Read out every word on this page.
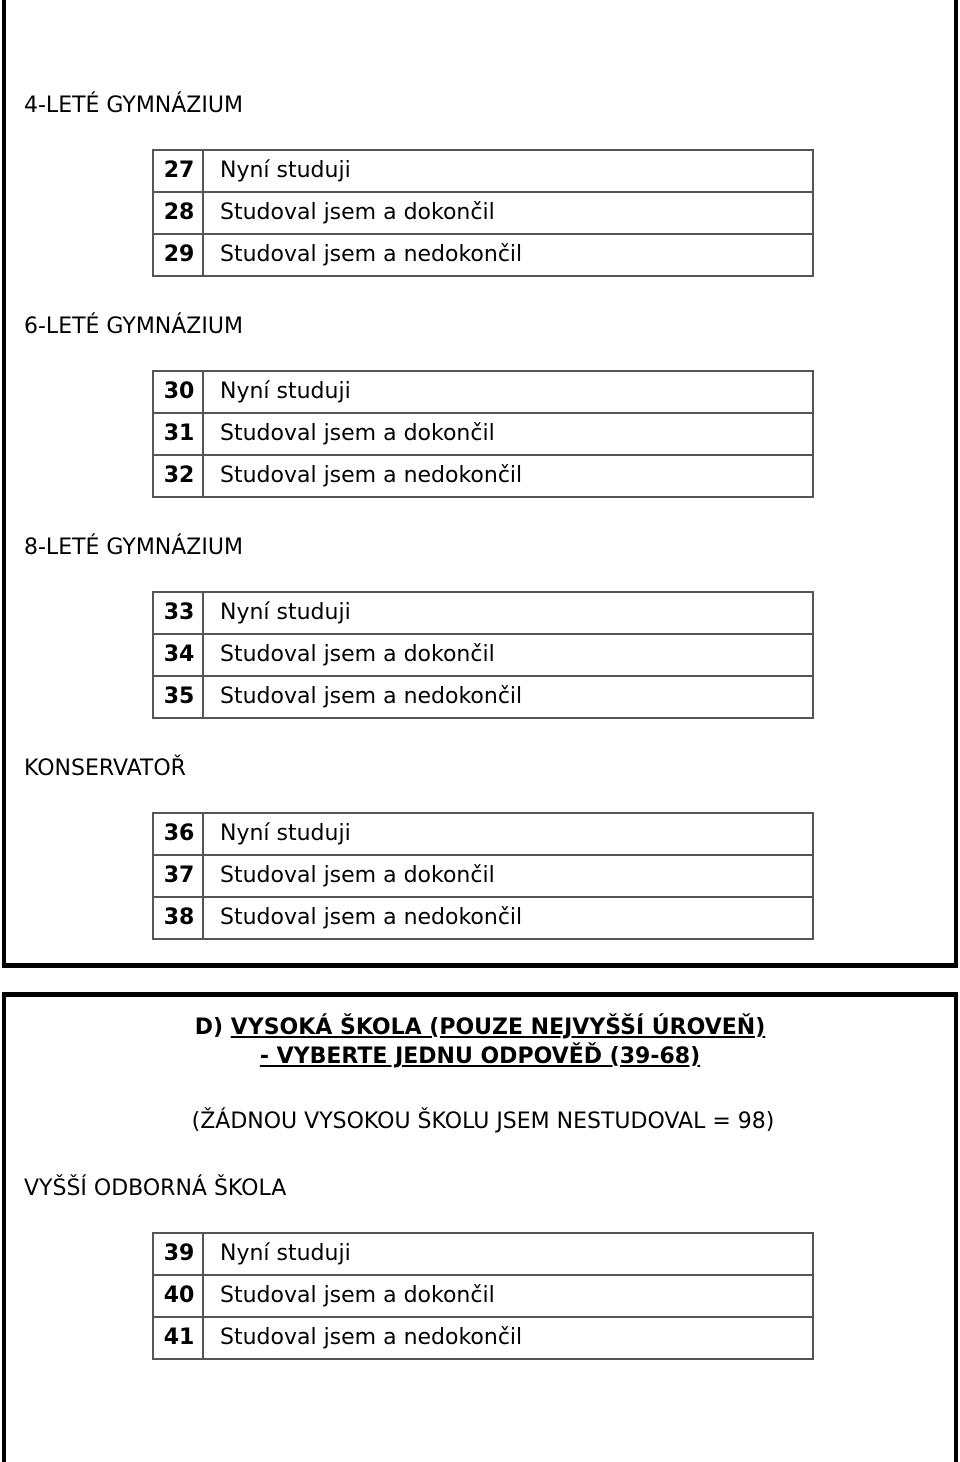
4-LETÉ GYMNÁZIUM
27	Nyní studuji
28	Studoval jsem a dokončil
29	Studoval jsem a nedokončil
6-LETÉ GYMNÁZIUM
30	Nyní studuji
31	Studoval jsem a dokončil
32	Studoval jsem a nedokončil
8-LETÉ GYMNÁZIUM
33	Nyní studuji
34	Studoval jsem a dokončil
35	Studoval jsem a nedokončil
KONSERVATOŘ
36	Nyní studuji
37	Studoval jsem a dokončil
38	Studoval jsem a nedokončil
D) VYSOKÁ ŠKOLA (POUZE NEJVYŠŠÍ ÚROVEŇ)
- VYBERTE JEDNU ODPOVĚĎ (39-68)
(ŽÁDNOU VYSOKOU ŠKOLU JSEM NESTUDOVAL = 98)
VYŠŠÍ ODBORNÁ ŠKOLA
39	Nyní studuji
40	Studoval jsem a dokončil
41	Studoval jsem a nedokončil
